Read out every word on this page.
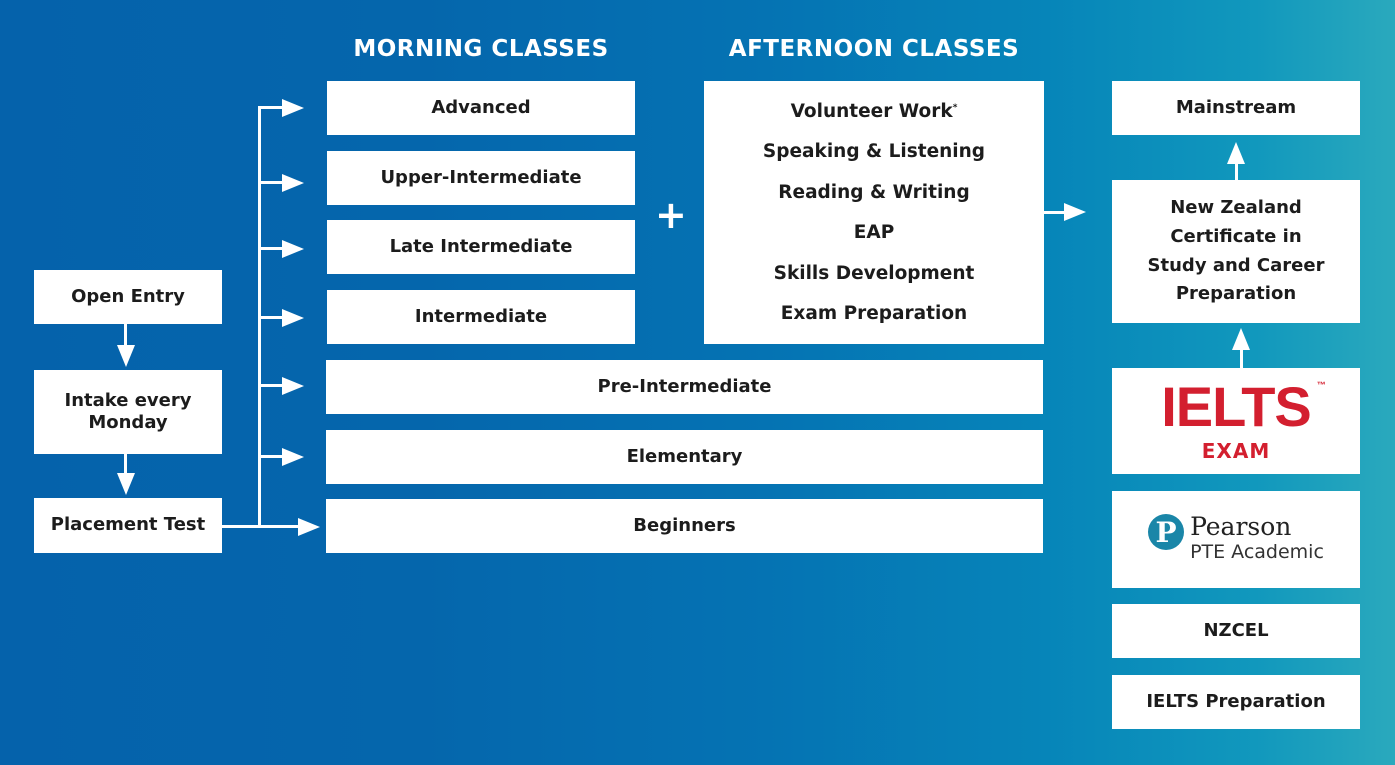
MORNING CLASSES	AFTERNOON CLASSES
Open Entry
Intake every Monday
Placement Test
Advanced
Upper-Intermediate
Late Intermediate
Intermediate
Pre-Intermediate
Elementary
Beginners
+
Volunteer Work*
Speaking & Listening
Reading & Writing
EAP
Skills Development
Exam Preparation
Mainstream
New Zealand Certificate in Study and Career Preparation
IELTS ™
EXAM
P Pearson
PTE Academic
NZCEL
IELTS Preparation
